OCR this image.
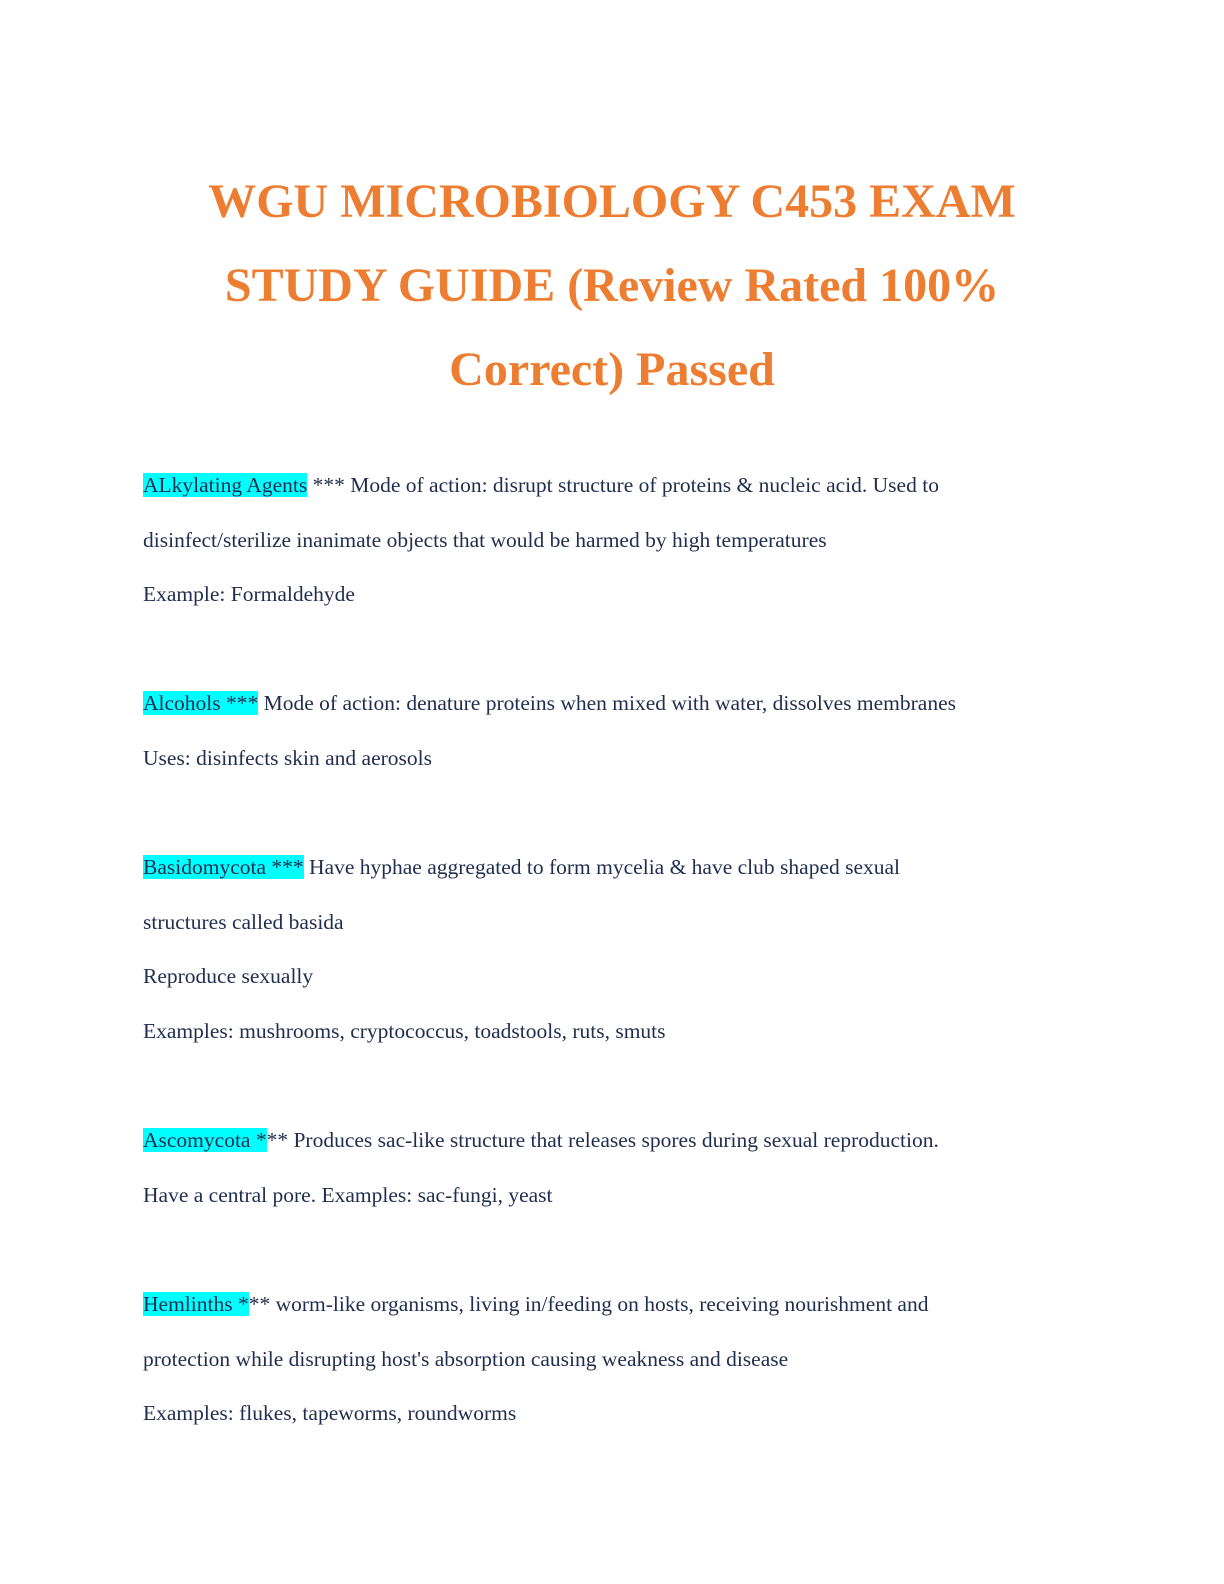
WGU MICROBIOLOGY C453 EXAM
STUDY GUIDE (Review Rated 100%
Correct) Passed
ALkylating Agents *** Mode of action: disrupt structure of proteins & nucleic acid. Used to
disinfect/sterilize inanimate objects that would be harmed by high temperatures
Example: Formaldehyde
Alcohols *** Mode of action: denature proteins when mixed with water, dissolves membranes
Uses: disinfects skin and aerosols
Basidomycota *** Have hyphae aggregated to form mycelia & have club shaped sexual
structures called basida
Reproduce sexually
Examples: mushrooms, cryptococcus, toadstools, ruts, smuts
Ascomycota *** Produces sac-like structure that releases spores during sexual reproduction.
Have a central pore. Examples: sac-fungi, yeast
Hemlinths *** worm-like organisms, living in/feeding on hosts, receiving nourishment and
protection while disrupting host's absorption causing weakness and disease
Examples: flukes, tapeworms, roundworms
